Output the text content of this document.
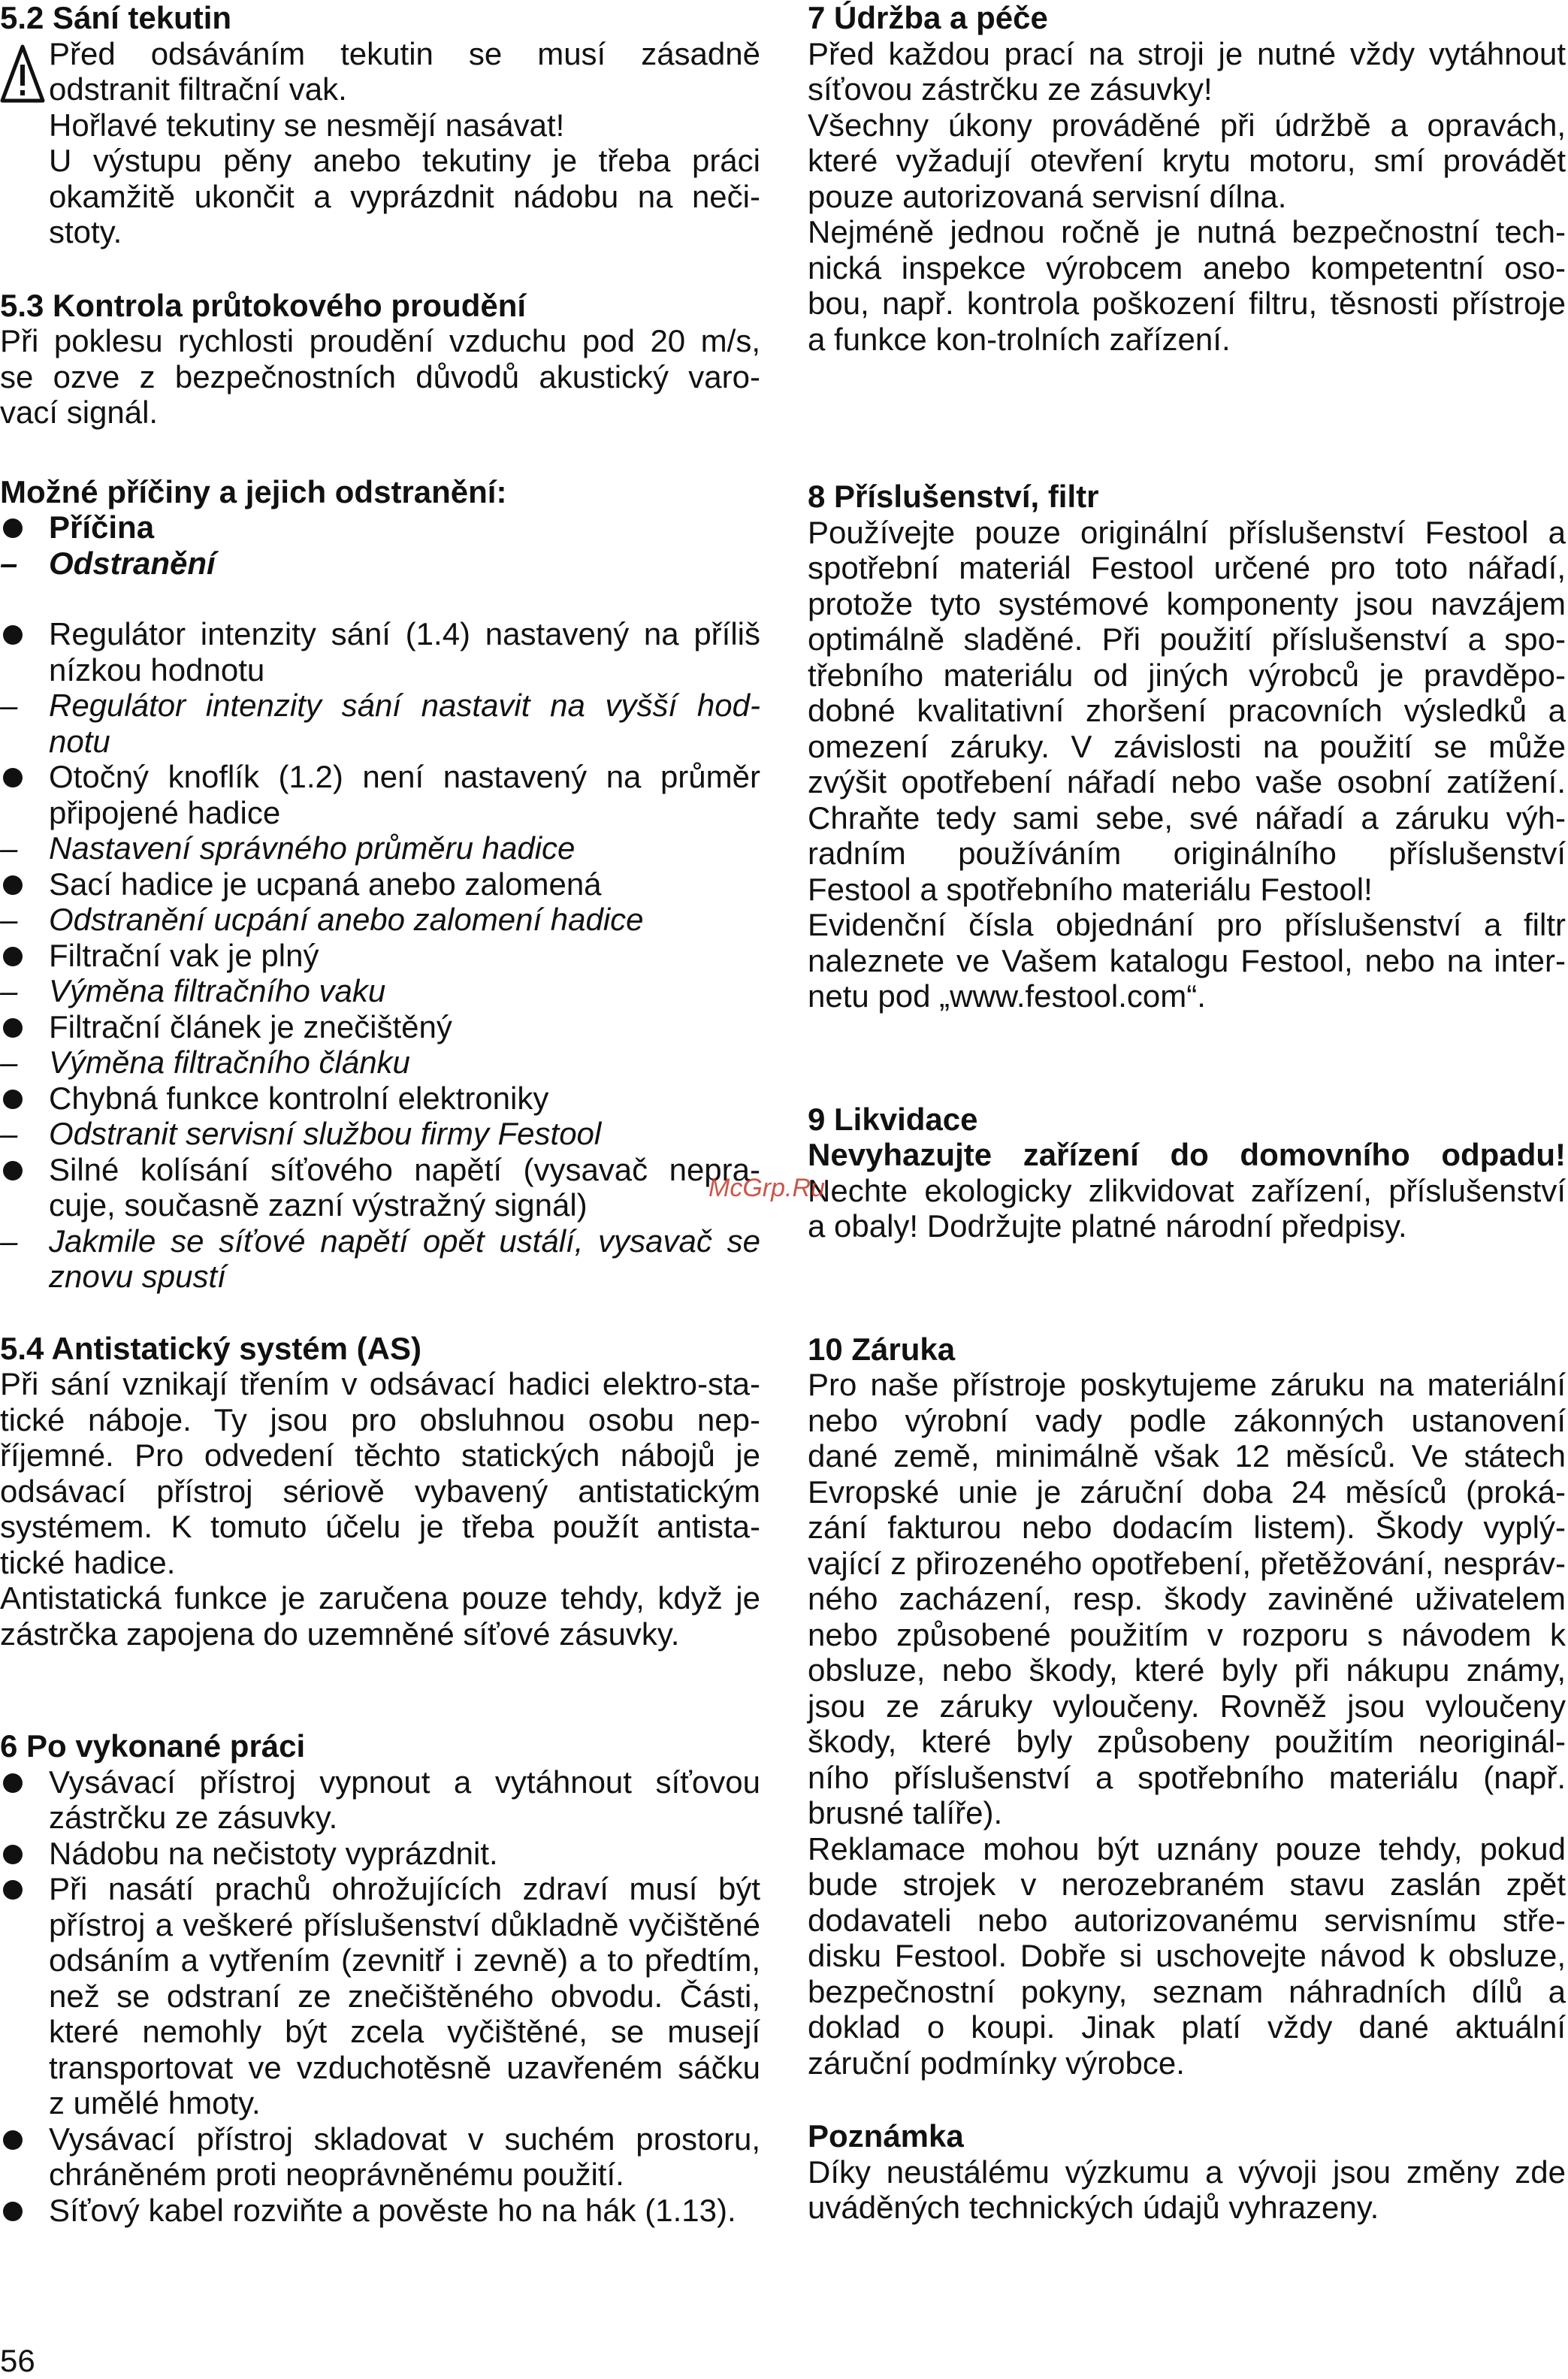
5.2 Sání tekutin
Před odsáváním tekutin se musí zásadně
odstranit filtrační vak.
Hořlavé tekutiny se nesmějí nasávat!
U výstupu pěny anebo tekutiny je třeba práci
okamžitě ukončit a vyprázdnit nádobu na neči-
stoty.
5.3 Kontrola průtokového proudění
Při poklesu rychlosti proudění vzduchu pod 20 m/s,
se ozve z bezpečnostních důvodů akustický varo-
vací signál.
Možné příčiny a jejich odstranění:
Příčina
– Odstranění
Regulátor intenzity sání (1.4) nastavený na příliš
nízkou hodnotu
– Regulátor intenzity sání nastavit na vyšší hod-
notu
Otočný knoflík (1.2) není nastavený na průměr
připojené hadice
– Nastavení správného průměru hadice
Sací hadice je ucpaná anebo zalomená
– Odstranění ucpání anebo zalomení hadice
Filtrační vak je plný
– Výměna filtračního vaku
Filtrační článek je znečištěný
– Výměna filtračního článku
Chybná funkce kontrolní elektroniky
– Odstranit servisní službou firmy Festool
Silné kolísání síťového napětí (vysavač nepra-
cuje, současně zazní výstražný signál)
– Jakmile se síťové napětí opět ustálí, vysavač se
znovu spustí
5.4 Antistatický systém (AS)
Při sání vznikají třením v odsávací hadici elektro-sta-
tické náboje. Ty jsou pro obsluhnou osobu nep-
říjemné. Pro odvedení těchto statických nábojů je
odsávací přístroj sériově vybavený antistatickým
systémem. K tomuto účelu je třeba použít antista-
tické hadice.
Antistatická funkce je zaručena pouze tehdy, když je
zástrčka zapojena do uzemněné síťové zásuvky.
6 Po vykonané práci
Vysávací přístroj vypnout a vytáhnout síťovou
zástrčku ze zásuvky.
Nádobu na nečistoty vyprázdnit.
Při nasátí prachů ohrožujících zdraví musí být
přístroj a veškeré příslušenství důkladně vyčištěné
odsáním a vytřením (zevnitř i zevně) a to předtím,
než se odstraní ze znečištěného obvodu. Části,
které nemohly být zcela vyčištěné, se musejí
transportovat ve vzduchotěsně uzavřeném sáčku
z umělé hmoty.
Vysávací přístroj skladovat v suchém prostoru,
chráněném proti neoprávněnému použití.
Síťový kabel rozviňte a pověste ho na hák (1.13).
7 Údržba a péče
Před každou prací na stroji je nutné vždy vytáhnout
síťovou zástrčku ze zásuvky!
Všechny úkony prováděné při údržbě a opravách,
které vyžadují otevření krytu motoru, smí provádět
pouze autorizovaná servisní dílna.
Nejméně jednou ročně je nutná bezpečnostní tech-
nická inspekce výrobcem anebo kompetentní oso-
bou, např. kontrola poškození filtru, těsnosti přístroje
a funkce kon-trolních zařízení.
8 Příslušenství, filtr
Používejte pouze originální příslušenství Festool a
spotřební materiál Festool určené pro toto nářadí,
protože tyto systémové komponenty jsou navzájem
optimálně sladěné. Při použití příslušenství a spo-
třebního materiálu od jiných výrobců je pravděpo-
dobné kvalitativní zhoršení pracovních výsledků a
omezení záruky. V závislosti na použití se může
zvýšit opotřebení nářadí nebo vaše osobní zatížení.
Chraňte tedy sami sebe, své nářadí a záruku výh-
radním používáním originálního příslušenství
Festool a spotřebního materiálu Festool!
Evidenční čísla objednání pro příslušenství a filtr
naleznete ve Vašem katalogu Festool, nebo na inter-
netu pod „www.festool.com“.
9 Likvidace
Nevyhazujte zařízení do domovního odpadu!
Nechte ekologicky zlikvidovat zařízení, příslušenství
a obaly! Dodržujte platné národní předpisy.
10 Záruka
Pro naše přístroje poskytujeme záruku na materiální
nebo výrobní vady podle zákonných ustanovení
dané země, minimálně však 12 měsíců. Ve státech
Evropské unie je záruční doba 24 měsíců (proká-
zání fakturou nebo dodacím listem). Škody vyplý-
vající z přirozeného opotřebení, přetěžování, nespráv-
ného zacházení, resp. škody zaviněné uživatelem
nebo způsobené použitím v rozporu s návodem k
obsluze, nebo škody, které byly při nákupu známy,
jsou ze záruky vyloučeny. Rovněž jsou vyloučeny
škody, které byly způsobeny použitím neoriginál-
ního příslušenství a spotřebního materiálu (např.
brusné talíře).
Reklamace mohou být uznány pouze tehdy, pokud
bude strojek v nerozebraném stavu zaslán zpět
dodavateli nebo autorizovanému servisnímu stře-
disku Festool. Dobře si uschovejte návod k obsluze,
bezpečnostní pokyny, seznam náhradních dílů a
doklad o koupi. Jinak platí vždy dané aktuální
záruční podmínky výrobce.
Poznámka
Díky neustálému výzkumu a vývoji jsou změny zde
uváděných technických údajů vyhrazeny.
McGrp.Ru
56
